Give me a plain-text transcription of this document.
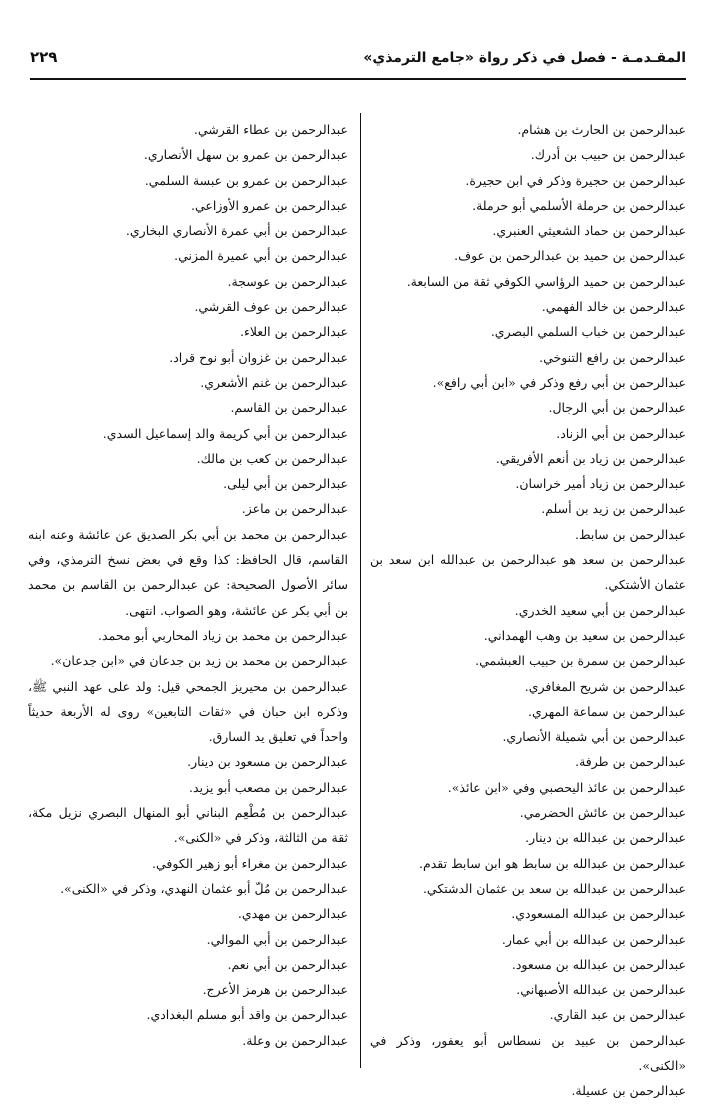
المقـدمـة - فصل في ذكر رواة «جامع الترمذي»
٢٢٩

عبدالرحمن بن الحارث بن هشام.

عبدالرحمن بن حبيب بن أدرك.

عبدالرحمن بن حجيرة وذكر في ابن حجيرة.

عبدالرحمن بن حرملة الأسلمي أبو حرملة.

عبدالرحمن بن حماد الشعيثي العنبري.

عبدالرحمن بن حميد بن عبدالرحمن بن عوف.

عبدالرحمن بن حميد الرؤاسي الكوفي ثقة من السابعة.

عبدالرحمن بن خالد الفهمي.

عبدالرحمن بن خباب السلمي البصري.

عبدالرحمن بن رافع التنوخي.

عبدالرحمن بن أبي رفع وذكر في «ابن أبي رافع».

عبدالرحمن بن أبي الرجال.

عبدالرحمن بن أبي الزناد.

عبدالرحمن بن زياد بن أنعم الأفريقي.

عبدالرحمن بن زياد أمير خراسان.

عبدالرحمن بن زيد بن أسلم.

عبدالرحمن بن سابط.

عبدالرحمن بن سعد هو عبدالرحمن بن عبدالله ابن سعد بن عثمان الأشتكي.

عبدالرحمن بن أبي سعيد الخدري.

عبدالرحمن بن سعيد بن وهب الهمداني.

عبدالرحمن بن سمرة بن حبيب العبشمي.

عبدالرحمن بن شريح المغافري.

عبدالرحمن بن سماعة المهري.

عبدالرحمن بن أبي شميلة الأنصاري.

عبدالرحمن بن طرفة.

عبدالرحمن بن عائذ اليحصبي وفي «ابن عائذ».

عبدالرحمن بن عائش الحضرمي.

عبدالرحمن بن عبدالله بن دينار.

عبدالرحمن بن عبدالله بن سابط هو ابن سابط تقدم.

عبدالرحمن بن عبدالله بن سعد بن عثمان الدشتكي.

عبدالرحمن بن عبدالله المسعودي.

عبدالرحمن بن عبدالله بن أبي عمار.

عبدالرحمن بن عبدالله بن مسعود.

عبدالرحمن بن عبدالله الأصبهاني.

عبدالرحمن بن عبد القاري.

عبدالرحمن بن عبيد بن نسطاس أبو يعفور، وذكر في «الكنى».

عبدالرحمن بن عسيلة.

عبدالرحمن بن عطاء القرشي.

عبدالرحمن بن عمرو بن سهل الأنصاري.

عبدالرحمن بن عمرو بن عبسة السلمي.

عبدالرحمن بن عمرو الأوزاعي.

عبدالرحمن بن أبي عمرة الأنصاري البخاري.

عبدالرحمن بن أبي عميرة المزني.

عبدالرحمن بن عوسجة.

عبدالرحمن بن عوف القرشي.

عبدالرحمن بن العلاء.

عبدالرحمن بن غزوان أبو نوح قراد.

عبدالرحمن بن غنم الأشعري.

عبدالرحمن بن القاسم.

عبدالرحمن بن أبي كريمة والد إسماعيل السدي.

عبدالرحمن بن كعب بن مالك.

عبدالرحمن بن أبي ليلى.

عبدالرحمن بن ماعز.

عبدالرحمن بن محمد بن أبي بكر الصديق عن عائشة وعنه ابنه القاسم، قال الحافظ: كذا وقع في بعض نسخ الترمذي، وفي سائر الأصول الصحيحة: عن عبدالرحمن بن القاسم بن محمد بن أبي بكر عن عائشة، وهو الصواب. انتهى.

عبدالرحمن بن محمد بن زياد المحاربي أبو محمد.

عبدالرحمن بن محمد بن زيد بن جدعان في «ابن جدعان».

عبدالرحمن بن محيريز الجمحي قيل: ولد على عهد النبي ﷺ، وذكره ابن حبان في «ثقات التابعين» روى له الأربعة حديثاً واحداً في تعليق يد السارق.

عبدالرحمن بن مسعود بن دينار.

عبدالرحمن بن مصعب أبو يزيد.

عبدالرحمن بن مُطْعِم البناني أبو المنهال البصري نزيل مكة، ثقة من الثالثة، وذكر في «الكنى».

عبدالرحمن بن مغراء أبو زهير الكوفي.

عبدالرحمن بن مُلّ أبو عثمان النهدي، وذكر في «الكنى».

عبدالرحمن بن مهدي.

عبدالرحمن بن أبي الموالي.

عبدالرحمن بن أبي نعم.

عبدالرحمن بن هرمز الأعرج.

عبدالرحمن بن واقد أبو مسلم البغدادي.

عبدالرحمن بن وعلة.
